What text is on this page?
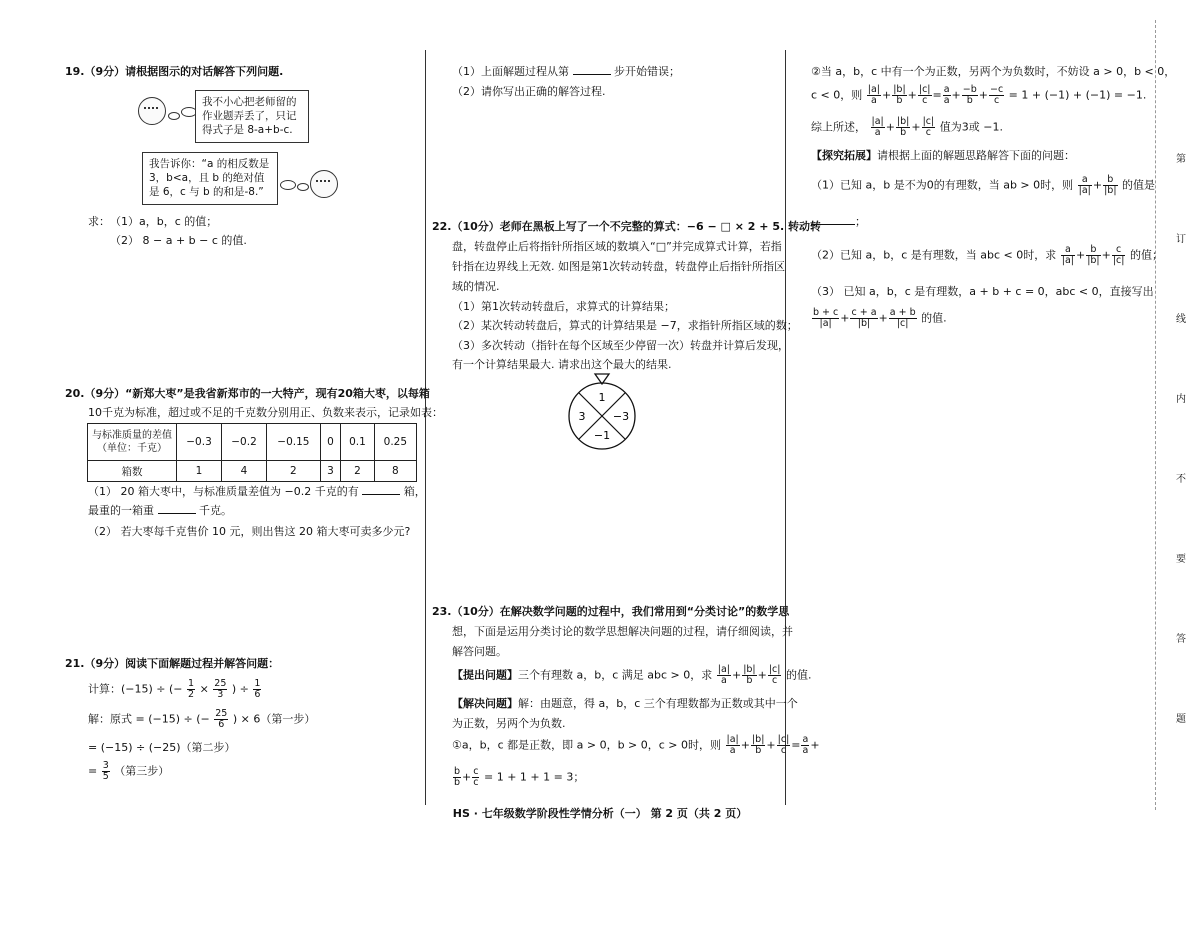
19.（9分）请根据图示的对话解答下列问题.
我不小心把老师留的作业题弄丢了，只记得式子是 8-a+b-c.
我告诉你：“a 的相反数是 3，b<a，且 b 的绝对值是 6，c 与 b 的和是-8.”
求： （1）a，b，c 的值；
（2） 8 − a + b − c 的值.
20.（9分）“新郑大枣”是我省新郑市的一大特产，现有20箱大枣，以每箱
10千克为标准，超过或不足的千克数分别用正、负数来表示，记录如表：
与标准质量的差值（单位：千克）	−0.3	−0.2	−0.15	0	0.1	0.25
箱数	1	4	2	3	2	8
（1） 20 箱大枣中，与标准质量差值为 −0.2 千克的有	箱，
最重的一箱重	千克。
（2） 若大枣每千克售价 10 元，则出售这 20 箱大枣可卖多少元?
21.（9分）阅读下面解题过程并解答问题：
计算：(−15) ÷ (− $\frac{1}{2} \times \frac{25}{3}$ ) ÷ $\frac{1}{6}$
解：原式 = (−15) ÷ (− $\frac{25}{6}$ ) × 6（第一步）
= (−15) ÷ (−25)（第二步）
= $\frac{3}{5}$ （第三步）
（1）上面解题过程从第	步开始错误；
（2）请你写出正确的解答过程.
22.（10分）老师在黑板上写了一个不完整的算式：−6 − □ × 2 + 5. 转动转
盘，转盘停止后将指针所指区域的数填入“□”并完成算式计算，若指
针指在边界线上无效. 如图是第1次转动转盘，转盘停止后指针所指区
域的情况.
（1）第1次转动转盘后，求算式的计算结果；
（2）某次转动转盘后，算式的计算结果是 −7，求指针所指区域的数；
（3）多次转动（指针在每个区域至少停留一次）转盘并计算后发现，
有一个计算结果最大. 请求出这个最大的结果.
1
−3
−1
3
23.（10分）在解决数学问题的过程中，我们常用到“分类讨论”的数学思
想，下面是运用分类讨论的数学思想解决问题的过程，请仔细阅读，并
解答问题。
【提出问题】三个有理数 a，b，c 满足 abc > 0，求 $\frac{|a|}{a} + \frac{|b|}{b} + \frac{|c|}{c}$ 的值.
【解决问题】解：由题意，得 a，b，c 三个有理数都为正数或其中一个
为正数，另两个为负数.
①a，b，c 都是正数，即 a > 0，b > 0，c > 0时，则 $\frac{|a|}{a} + \frac{|b|}{b} + \frac{|c|}{c} = \frac{a}{a}$ +
$\frac{b}{b} + \frac{c}{c} = 1 + 1 + 1 = 3$；
②当 a，b，c 中有一个为正数，另两个为负数时，不妨设 a > 0，b < 0，
c < 0，则 $\frac{|a|}{a} + \frac{|b|}{b} + \frac{|c|}{c} = \frac{a}{a} + \frac{-b}{b} + \frac{-c}{c} = 1 + (-1) + (-1) = -1$.
综上所述， $\frac{|a|}{a} + \frac{|b|}{b} + \frac{|c|}{c}$ 值为3或 −1.
【探究拓展】请根据上面的解题思路解答下面的问题：
（1）已知 a，b 是不为0的有理数，当 ab > 0时，则 $\frac{a}{|a|} + \frac{b}{|b|}$ 的值是
；
（2）已知 a，b，c 是有理数，当 abc < 0时，求 $\frac{a}{|a|} + \frac{b}{|b|} + \frac{c}{|c|}$ 的值；
（3） 已知 a，b，c 是有理数，a + b + c = 0，abc < 0，直接写出
$\frac{b + c}{|a|} + \frac{c + a}{|b|} + \frac{a + b}{|c|}$ 的值.
第
订
线
内
不
要
答
题
HS · 七年级数学阶段性学情分析（一） 第 2 页（共 2 页）
